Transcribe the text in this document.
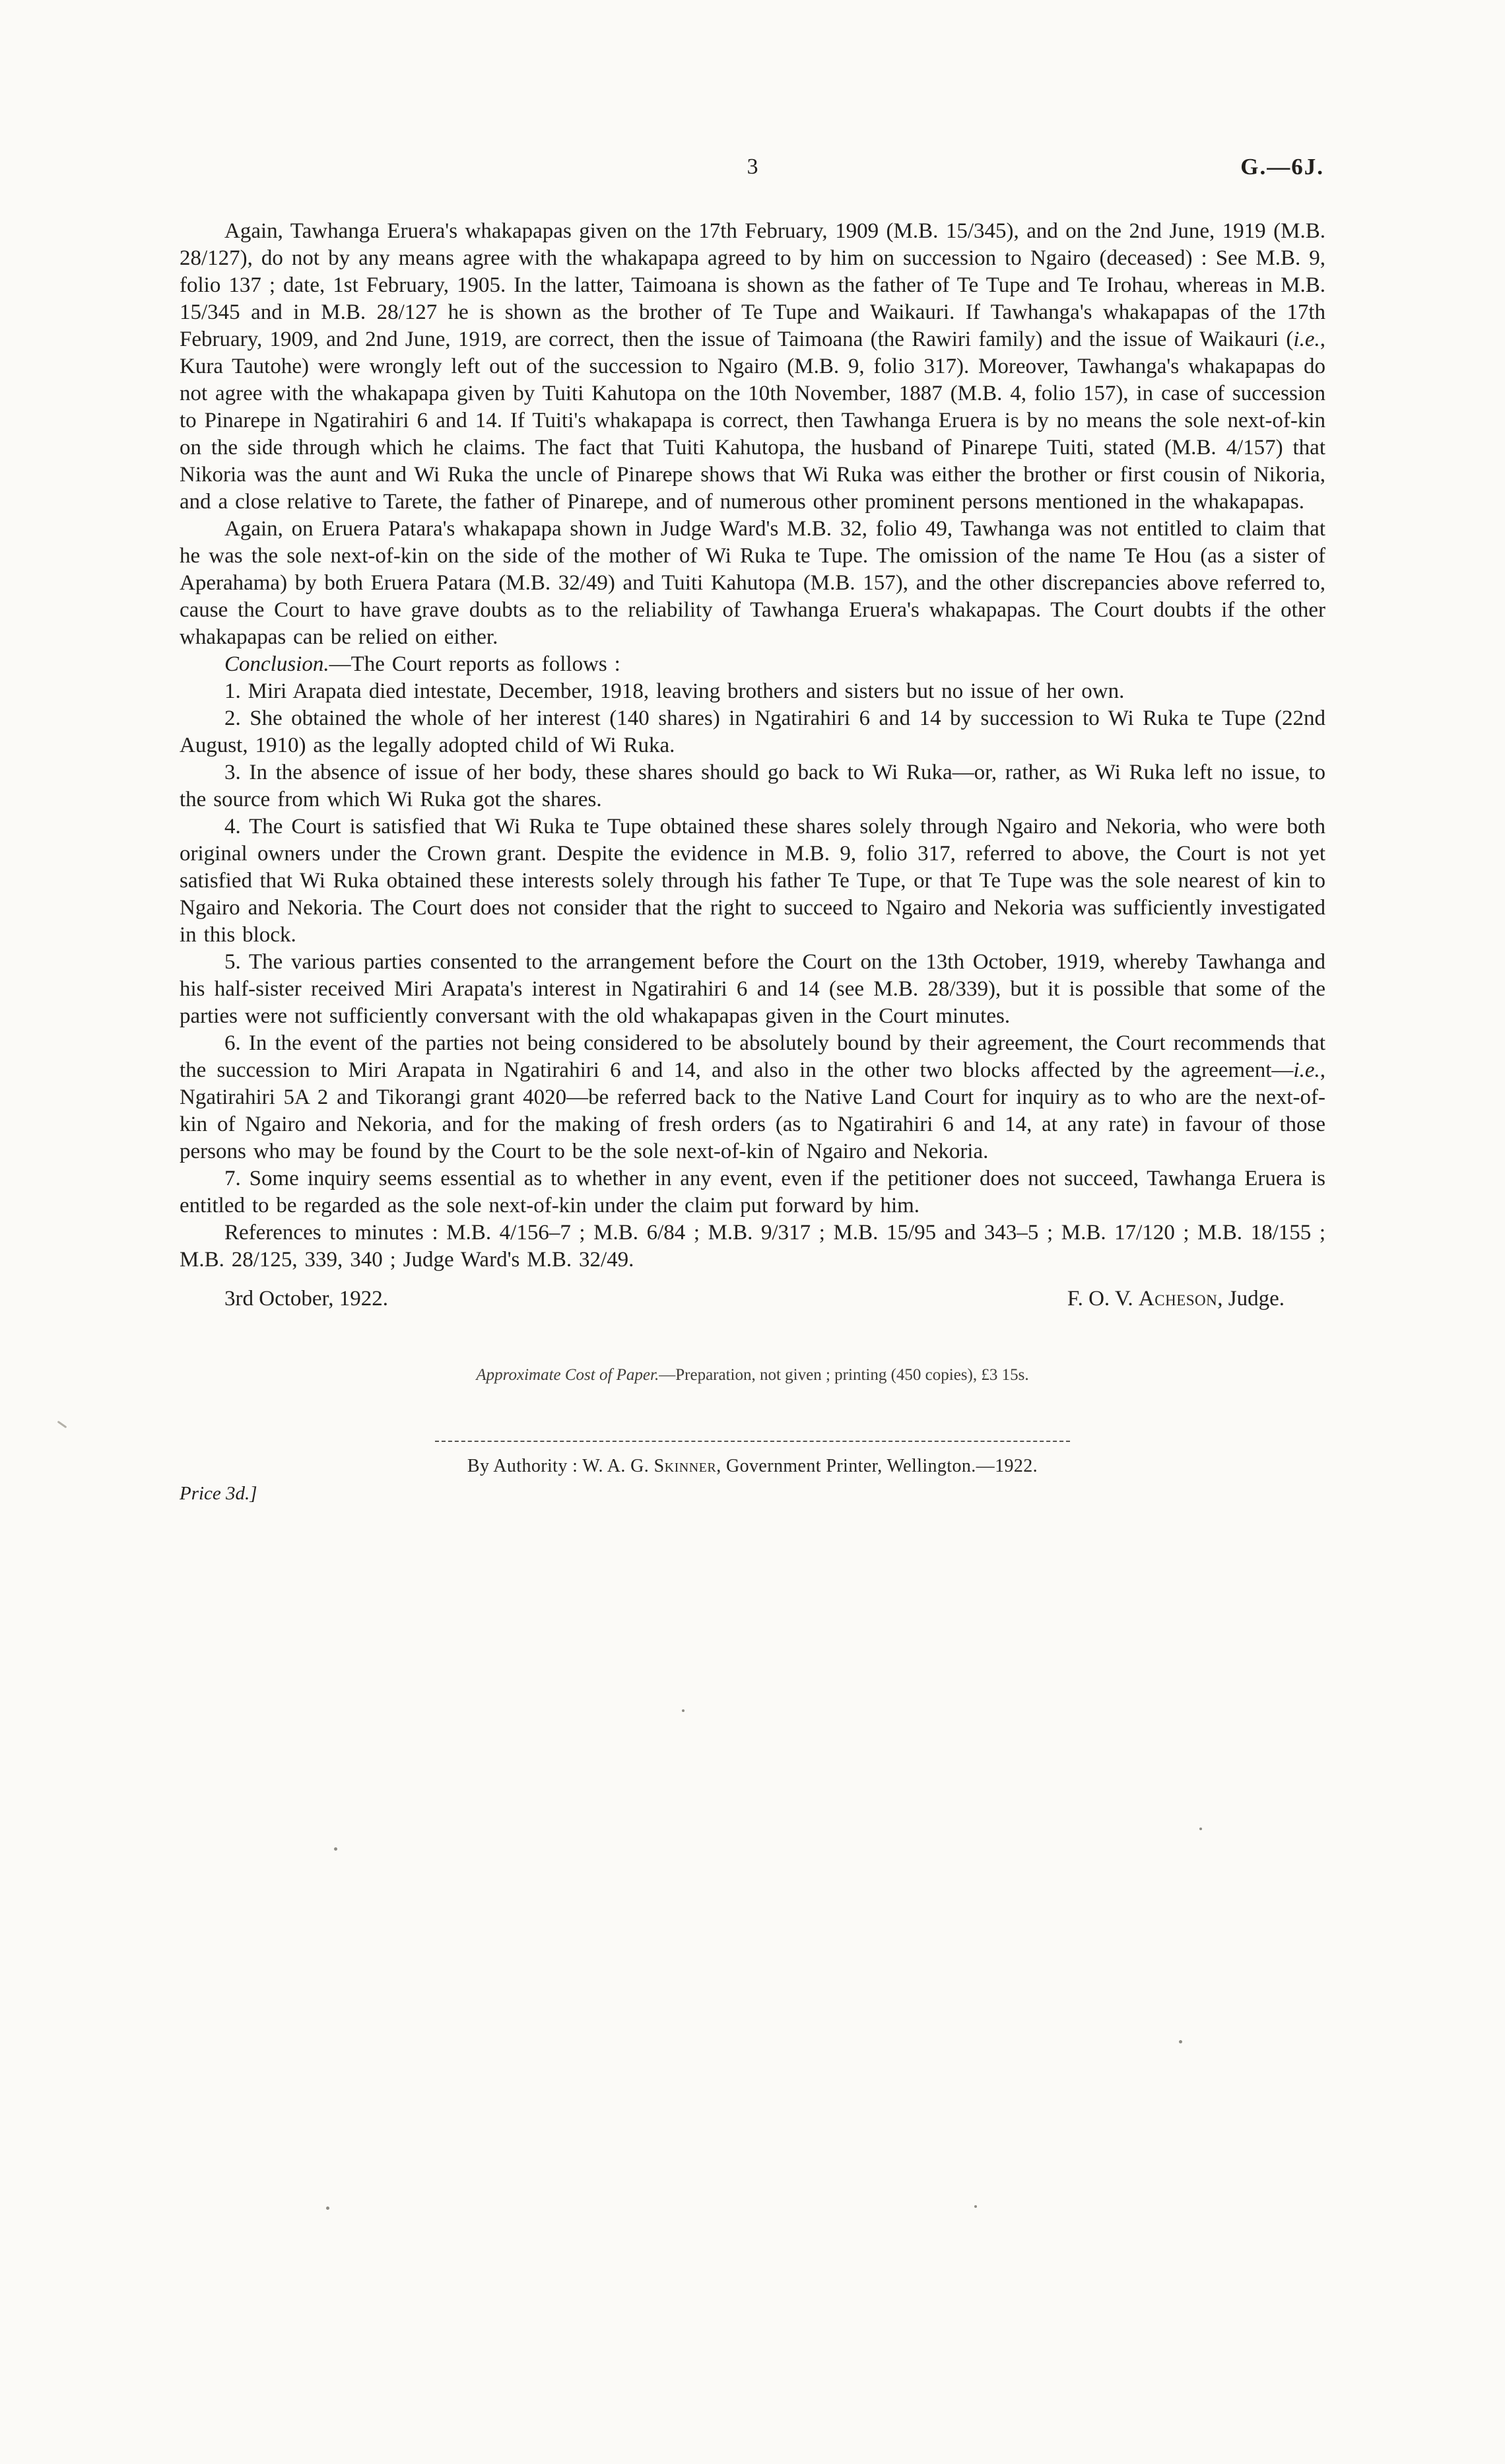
3	G.—6J.

Again, Tawhanga Eruera's whakapapas given on the 17th February, 1909 (M.B. 15/345), and on the 2nd June, 1919 (M.B. 28/127), do not by any means agree with the whakapapa agreed to by him on succession to Ngairo (deceased) : See M.B. 9, folio 137 ; date, 1st February, 1905. In the latter, Taimoana is shown as the father of Te Tupe and Te Irohau, whereas in M.B. 15/345 and in M.B. 28/127 he is shown as the brother of Te Tupe and Waikauri. If Tawhanga's whakapapas of the 17th February, 1909, and 2nd June, 1919, are correct, then the issue of Taimoana (the Rawiri family) and the issue of Waikauri (i.e., Kura Tautohe) were wrongly left out of the succession to Ngairo (M.B. 9, folio 317). Moreover, Tawhanga's whakapapas do not agree with the whakapapa given by Tuiti Kahutopa on the 10th November, 1887 (M.B. 4, folio 157), in case of succession to Pinarepe in Ngatirahiri 6 and 14. If Tuiti's whakapapa is correct, then Tawhanga Eruera is by no means the sole next-of-kin on the side through which he claims. The fact that Tuiti Kahutopa, the husband of Pinarepe Tuiti, stated (M.B. 4/157) that Nikoria was the aunt and Wi Ruka the uncle of Pinarepe shows that Wi Ruka was either the brother or first cousin of Nikoria, and a close relative to Tarete, the father of Pinarepe, and of numerous other prominent persons mentioned in the whakapapas.

Again, on Eruera Patara's whakapapa shown in Judge Ward's M.B. 32, folio 49, Tawhanga was not entitled to claim that he was the sole next-of-kin on the side of the mother of Wi Ruka te Tupe. The omission of the name Te Hou (as a sister of Aperahama) by both Eruera Patara (M.B. 32/49) and Tuiti Kahutopa (M.B. 157), and the other discrepancies above referred to, cause the Court to have grave doubts as to the reliability of Tawhanga Eruera's whakapapas. The Court doubts if the other whakapapas can be relied on either.

Conclusion.—The Court reports as follows :

1. Miri Arapata died intestate, December, 1918, leaving brothers and sisters but no issue of her own.

2. She obtained the whole of her interest (140 shares) in Ngatirahiri 6 and 14 by succession to Wi Ruka te Tupe (22nd August, 1910) as the legally adopted child of Wi Ruka.

3. In the absence of issue of her body, these shares should go back to Wi Ruka—or, rather, as Wi Ruka left no issue, to the source from which Wi Ruka got the shares.

4. The Court is satisfied that Wi Ruka te Tupe obtained these shares solely through Ngairo and Nekoria, who were both original owners under the Crown grant. Despite the evidence in M.B. 9, folio 317, referred to above, the Court is not yet satisfied that Wi Ruka obtained these interests solely through his father Te Tupe, or that Te Tupe was the sole nearest of kin to Ngairo and Nekoria. The Court does not consider that the right to succeed to Ngairo and Nekoria was sufficiently investigated in this block.

5. The various parties consented to the arrangement before the Court on the 13th October, 1919, whereby Tawhanga and his half-sister received Miri Arapata's interest in Ngatirahiri 6 and 14 (see M.B. 28/339), but it is possible that some of the parties were not sufficiently conversant with the old whakapapas given in the Court minutes.

6. In the event of the parties not being considered to be absolutely bound by their agreement, the Court recommends that the succession to Miri Arapata in Ngatirahiri 6 and 14, and also in the other two blocks affected by the agreement—i.e., Ngatirahiri 5A 2 and Tikorangi grant 4020—be referred back to the Native Land Court for inquiry as to who are the next-of-kin of Ngairo and Nekoria, and for the making of fresh orders (as to Ngatirahiri 6 and 14, at any rate) in favour of those persons who may be found by the Court to be the sole next-of-kin of Ngairo and Nekoria.

7. Some inquiry seems essential as to whether in any event, even if the petitioner does not succeed, Tawhanga Eruera is entitled to be regarded as the sole next-of-kin under the claim put forward by him.

References to minutes : M.B. 4/156–7 ; M.B. 6/84 ; M.B. 9/317 ; M.B. 15/95 and 343–5 ; M.B. 17/120 ; M.B. 18/155 ; M.B. 28/125, 339, 340 ; Judge Ward's M.B. 32/49.

3rd October, 1922.	F. O. V. Acheson, Judge.
Approximate Cost of Paper.—Preparation, not given ; printing (450 copies), £3 15s.
By Authority : W. A. G. Skinner, Government Printer, Wellington.—1922.
Price 3d.]
